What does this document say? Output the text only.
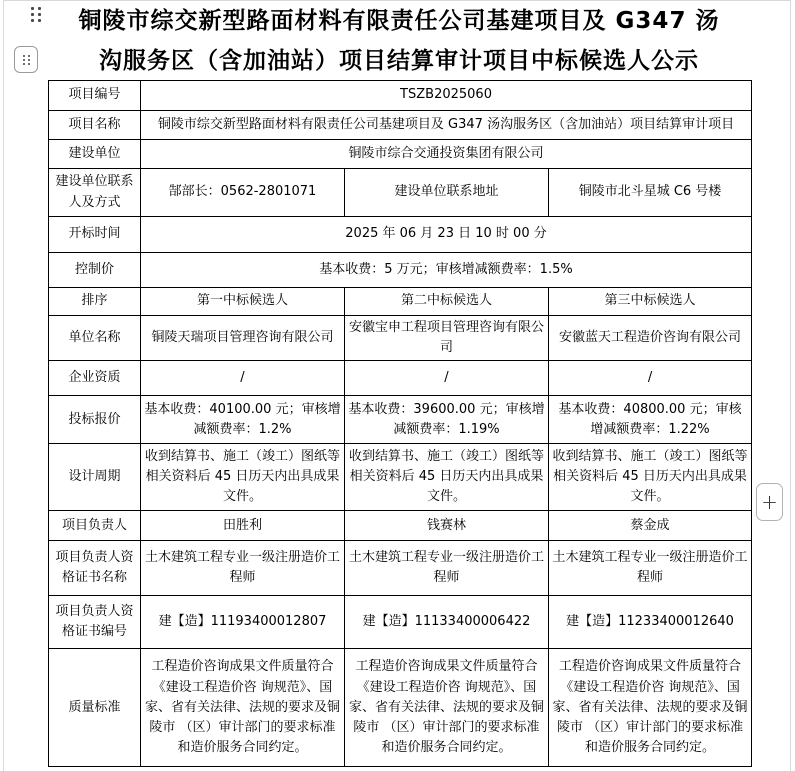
+
铜陵市综交新型路面材料有限责任公司基建项目及 G347 汤
沟服务区（含加油站）项目结算审计项目中标候选人公示
项目编号	TSZB2025060		
项目名称	铜陵市综交新型路面材料有限责任公司基建项目及 G347 汤沟服务区（含加油站）项目结算审计项目		
建设单位	铜陵市综合交通投资集团有限公司		
建设单位联系人及方式	郜部长：0562-2801071	建设单位联系地址	铜陵市北斗星城 C6 号楼
开标时间	2025 年 06 月 23 日 10 时 00 分		
控制价	基本收费：5 万元；审核增减额费率：1.5%		
排序	第一中标候选人	第二中标候选人	第三中标候选人
单位名称	铜陵天瑞项目管理咨询有限公司	安徽宝申工程项目管理咨询有限公司	安徽蓝天工程造价咨询有限公司
企业资质	/	/	/
投标报价	基本收费：40100.00 元；审核增减额费率：1.2%	基本收费：39600.00 元；审核增减额费率：1.19%	基本收费：40800.00 元；审核增减额费率：1.22%
设计周期	收到结算书、施工（竣工）图纸等相关资料后 45 日历天内出具成果文件。	收到结算书、施工（竣工）图纸等相关资料后 45 日历天内出具成果文件。	收到结算书、施工（竣工）图纸等相关资料后 45 日历天内出具成果文件。
项目负责人	田胜利	钱赛林	蔡金成
项目负责人资格证书名称	土木建筑工程专业一级注册造价工程师	土木建筑工程专业一级注册造价工程师	土木建筑工程专业一级注册造价工程师
项目负责人资格证书编号	建【造】11193400012807	建【造】11133400006422	建【造】11233400012640
质量标准	工程造价咨询成果文件质量符合《建设工程造价咨 询规范》、国家、省有关法律、法规的要求及铜陵市 （区）审计部门的要求标准和造价服务合同约定。	工程造价咨询成果文件质量符合《建设工程造价咨 询规范》、国家、省有关法律、法规的要求及铜陵市 （区）审计部门的要求标准和造价服务合同约定。	工程造价咨询成果文件质量符合《建设工程造价咨 询规范》、国家、省有关法律、法规的要求及铜陵市 （区）审计部门的要求标准和造价服务合同约定。
